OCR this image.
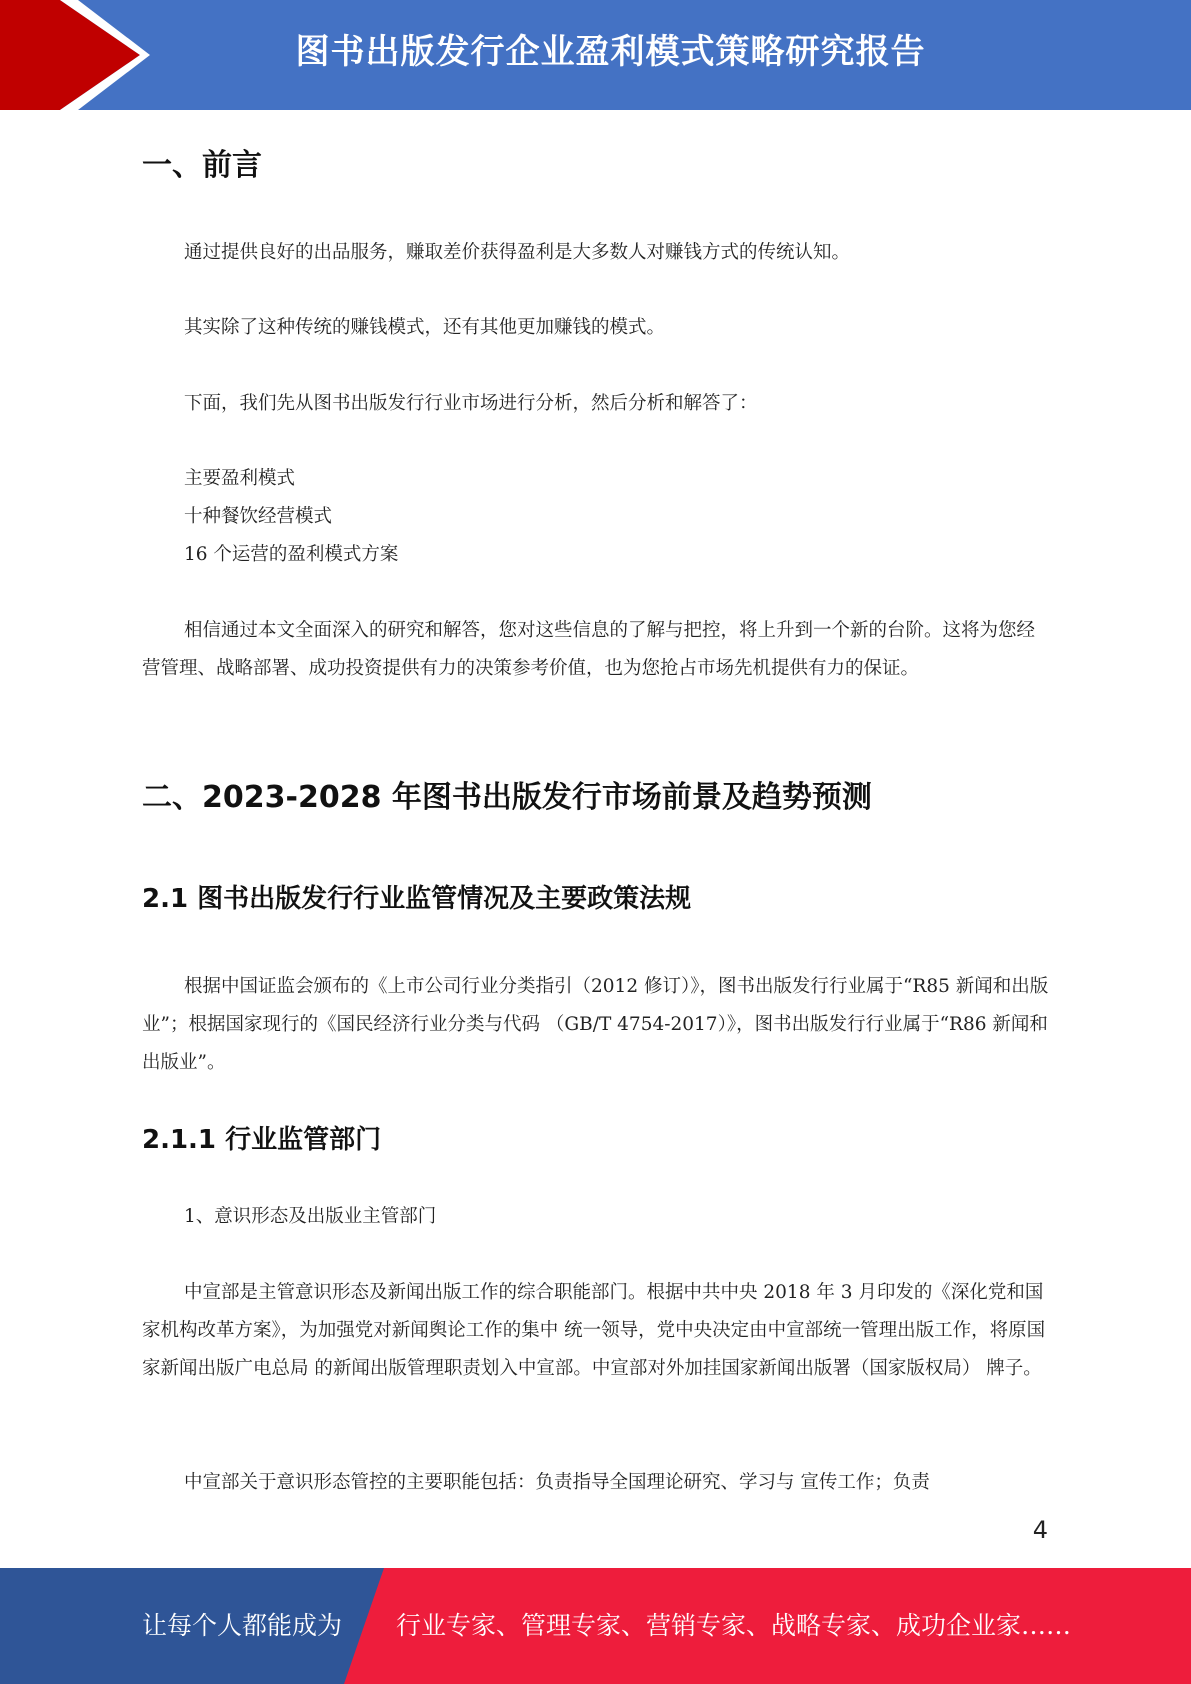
图书出版发行企业盈利模式策略研究报告
一、前言

通过提供良好的出品服务，赚取差价获得盈利是大多数人对赚钱方式的传统认知。

其实除了这种传统的赚钱模式，还有其他更加赚钱的模式。

下面，我们先从图书出版发行行业市场进行分析，然后分析和解答了：

主要盈利模式
十种餐饮经营模式
16 个运营的盈利模式方案

相信通过本文全面深入的研究和解答，您对这些信息的了解与把控，将上升到一个新的台阶。这将为您经营管理、战略部署、成功投资提供有力的决策参考价值，也为您抢占市场先机提供有力的保证。

二、2023-2028 年图书出版发行市场前景及趋势预测
2.1 图书出版发行行业监管情况及主要政策法规

根据中国证监会颁布的《上市公司行业分类指引（2012 修订）》，图书出版发行行业属于“R85 新闻和出版业”；根据国家现行的《国民经济行业分类与代码 （GB/T 4754-2017）》，图书出版发行行业属于“R86 新闻和出版业”。

2.1.1 行业监管部门

1、意识形态及出版业主管部门

中宣部是主管意识形态及新闻出版工作的综合职能部门。根据中共中央 2018 年 3 月印发的《深化党和国家机构改革方案》，为加强党对新闻舆论工作的集中 统一领导，党中央决定由中宣部统一管理出版工作，将原国家新闻出版广电总局 的新闻出版管理职责划入中宣部。中宣部对外加挂国家新闻出版署（国家版权局） 牌子。

中宣部关于意识形态管控的主要职能包括：负责指导全国理论研究、学习与 宣传工作；负责

4
让每个人都能成为 行业专家、管理专家、营销专家、战略专家、成功企业家……
